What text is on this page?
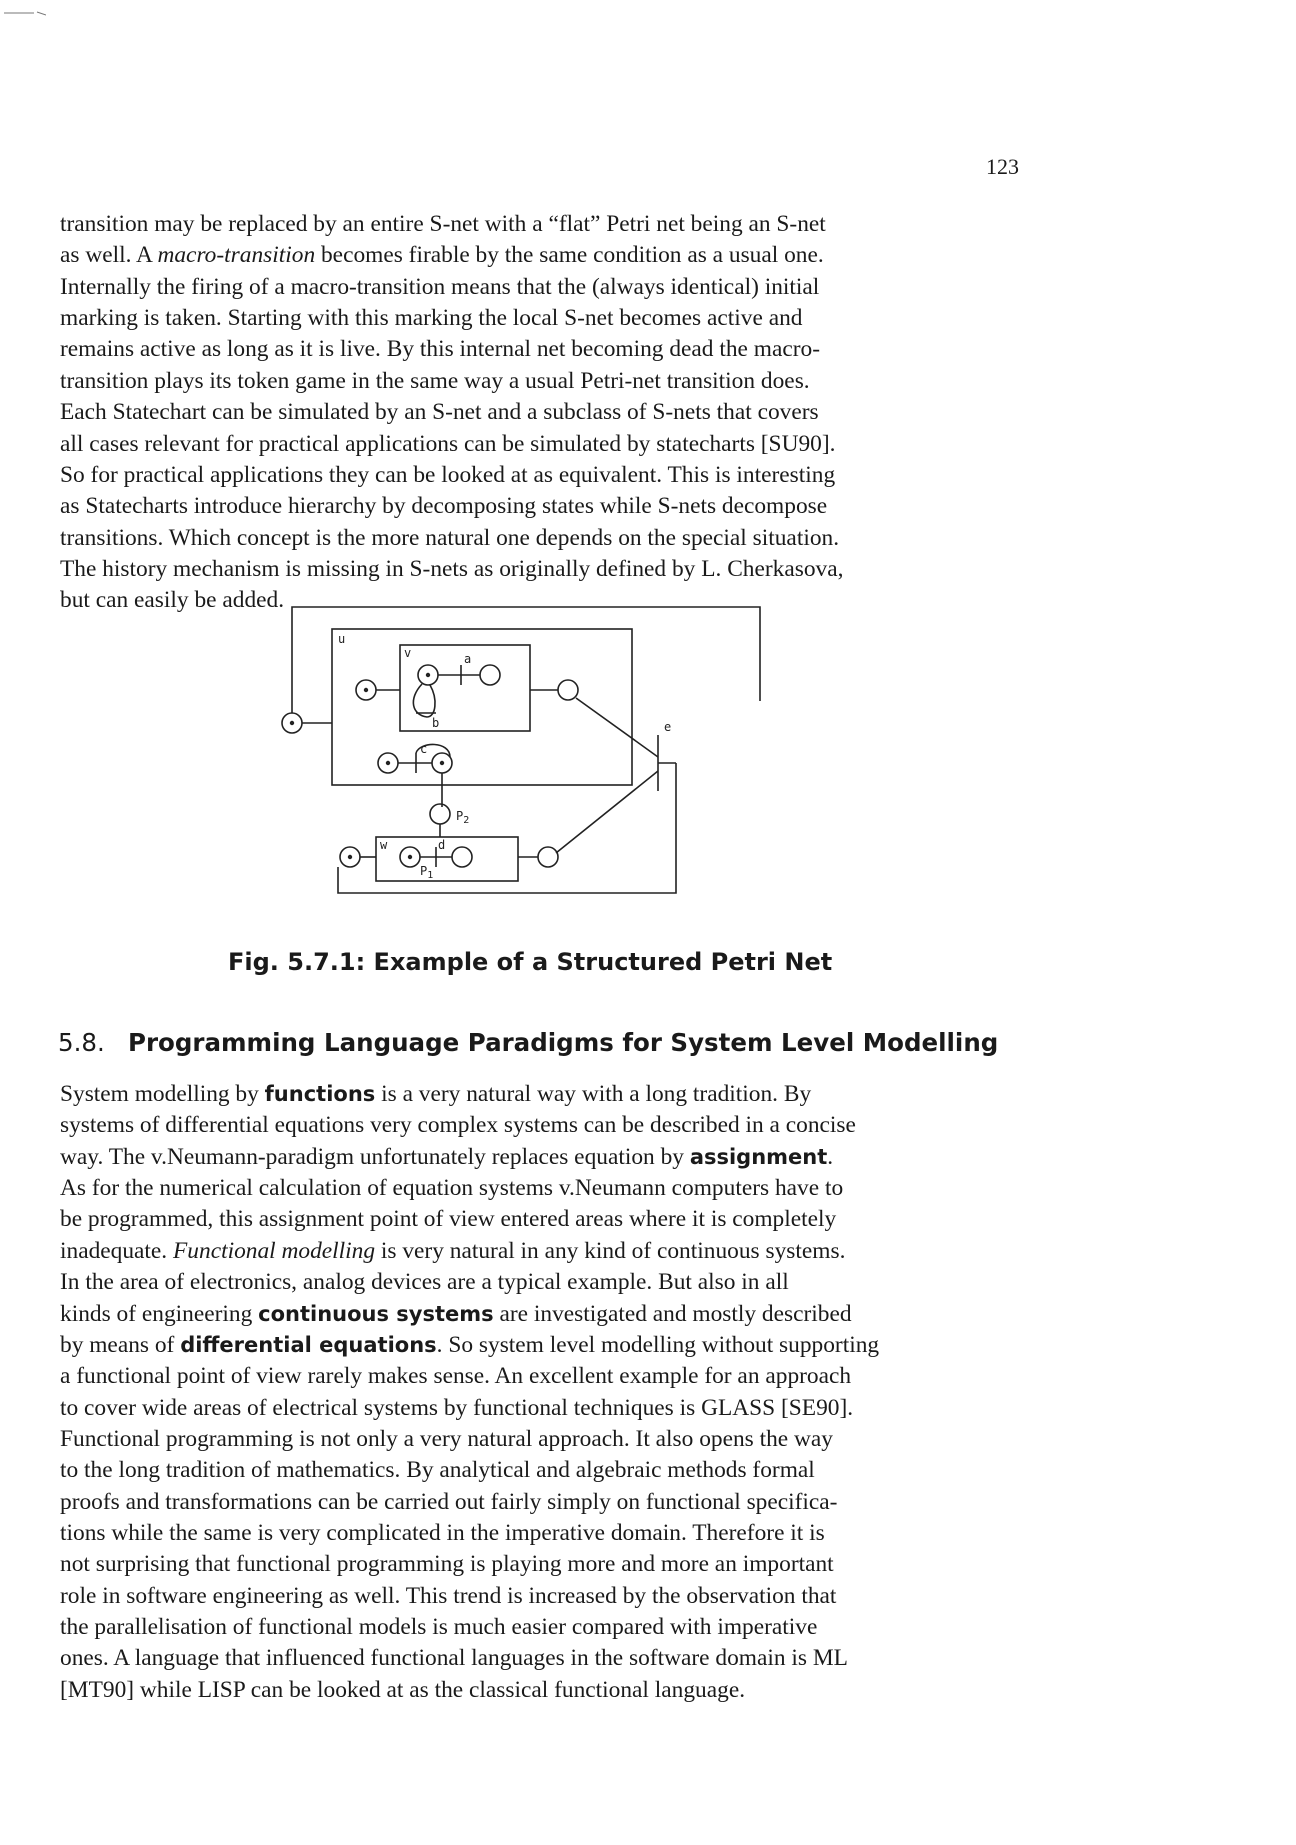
123
transition may be replaced by an entire S-net with a “flat” Petri net being an S-net
as well. A macro-transition becomes firable by the same condition as a usual one.
Internally the firing of a macro-transition means that the (always identical) initial
marking is taken. Starting with this marking the local S-net becomes active and
remains active as long as it is live. By this internal net becoming dead the macro-
transition plays its token game in the same way a usual Petri-net transition does.
Each Statechart can be simulated by an S-net and a subclass of S-nets that covers
all cases relevant for practical applications can be simulated by statecharts [SU90].
So for practical applications they can be looked at as equivalent. This is interesting
as Statecharts introduce hierarchy by decomposing states while S-nets decompose
transitions. Which concept is the more natural one depends on the special situation.
The history mechanism is missing in S-nets as originally defined by L. Cherkasova,
but can easily be added.
u
v	a
b
c
e
w	d
$P_2$
$P_1$
Fig. 5.7.1: Example of a Structured Petri Net
5.8. Programming Language Paradigms for System Level Modelling
System modelling by functions is a very natural way with a long tradition. By
systems of differential equations very complex systems can be described in a concise
way. The v.Neumann-paradigm unfortunately replaces equation by assignment.
As for the numerical calculation of equation systems v.Neumann computers have to
be programmed, this assignment point of view entered areas where it is completely
inadequate. Functional modelling is very natural in any kind of continuous systems.
In the area of electronics, analog devices are a typical example. But also in all
kinds of engineering continuous systems are investigated and mostly described
by means of differential equations. So system level modelling without supporting
a functional point of view rarely makes sense. An excellent example for an approach
to cover wide areas of electrical systems by functional techniques is GLASS [SE90].
Functional programming is not only a very natural approach. It also opens the way
to the long tradition of mathematics. By analytical and algebraic methods formal
proofs and transformations can be carried out fairly simply on functional specifica-
tions while the same is very complicated in the imperative domain. Therefore it is
not surprising that functional programming is playing more and more an important
role in software engineering as well. This trend is increased by the observation that
the parallelisation of functional models is much easier compared with imperative
ones. A language that influenced functional languages in the software domain is ML
[MT90] while LISP can be looked at as the classical functional language.
